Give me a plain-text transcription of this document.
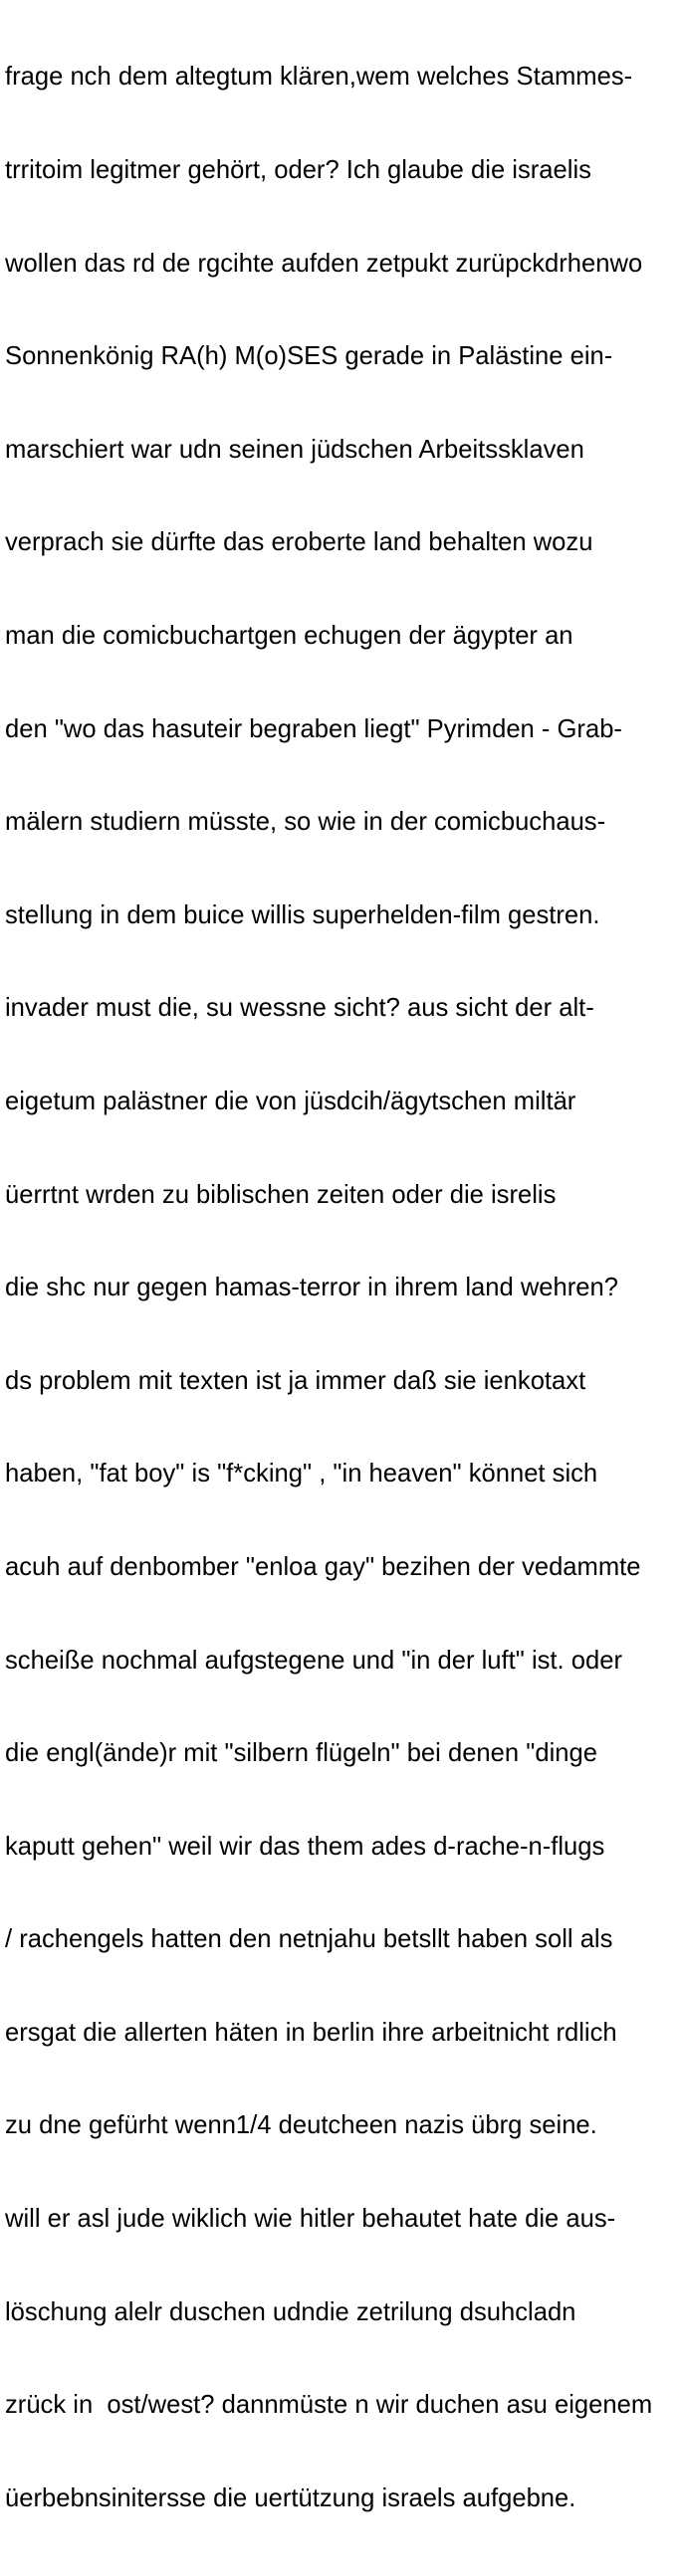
frage nch dem altegtum klären,wem welches Stammes-

trritoim legitmer gehört, oder? Ich glaube die israelis

wollen das rd de rgcihte aufden zetpukt zurüpckdrhenwo

Sonnenkönig RA(h) M(o)SES gerade in Palästine ein-

marschiert war udn seinen jüdschen Arbeitssklaven

verprach sie dürfte das eroberte land behalten wozu

man die comicbuchartgen echugen der ägypter an

den "wo das hasuteir begraben liegt" Pyrimden - Grab-

mälern studiern müsste, so wie in der comicbuchaus-

stellung in dem buice willis superhelden-film gestren.

invader must die, su wessne sicht? aus sicht der alt-

eigetum palästner die von jüsdcih/ägytschen miltär

üerrtnt wrden zu biblischen zeiten oder die isrelis

die shc nur gegen hamas-terror in ihrem land wehren?

ds problem mit texten ist ja immer daß sie ienkotaxt

haben, "fat boy" is "f*cking" , "in heaven" könnet sich

acuh auf denbomber "enloa gay" bezihen der vedammte

scheiße nochmal aufgstegene und "in der luft" ist. oder

die engl(ände)r mit "silbern flügeln" bei denen "dinge

kaputt gehen" weil wir das them ades d-rache-n-flugs

/ rachengels hatten den netnjahu betsllt haben soll als

ersgat die allerten häten in berlin ihre arbeitnicht rdlich

zu dne gefürht wenn1/4 deutcheen nazis übrg seine.

will er asl jude wiklich wie hitler behautet hate die aus-

löschung alelr duschen udndie zetrilung dsuhcladn

zrück in  ost/west? dannmüste n wir duchen asu eigenem

üerbebnsinitersse die uertützung israels aufgebne.
